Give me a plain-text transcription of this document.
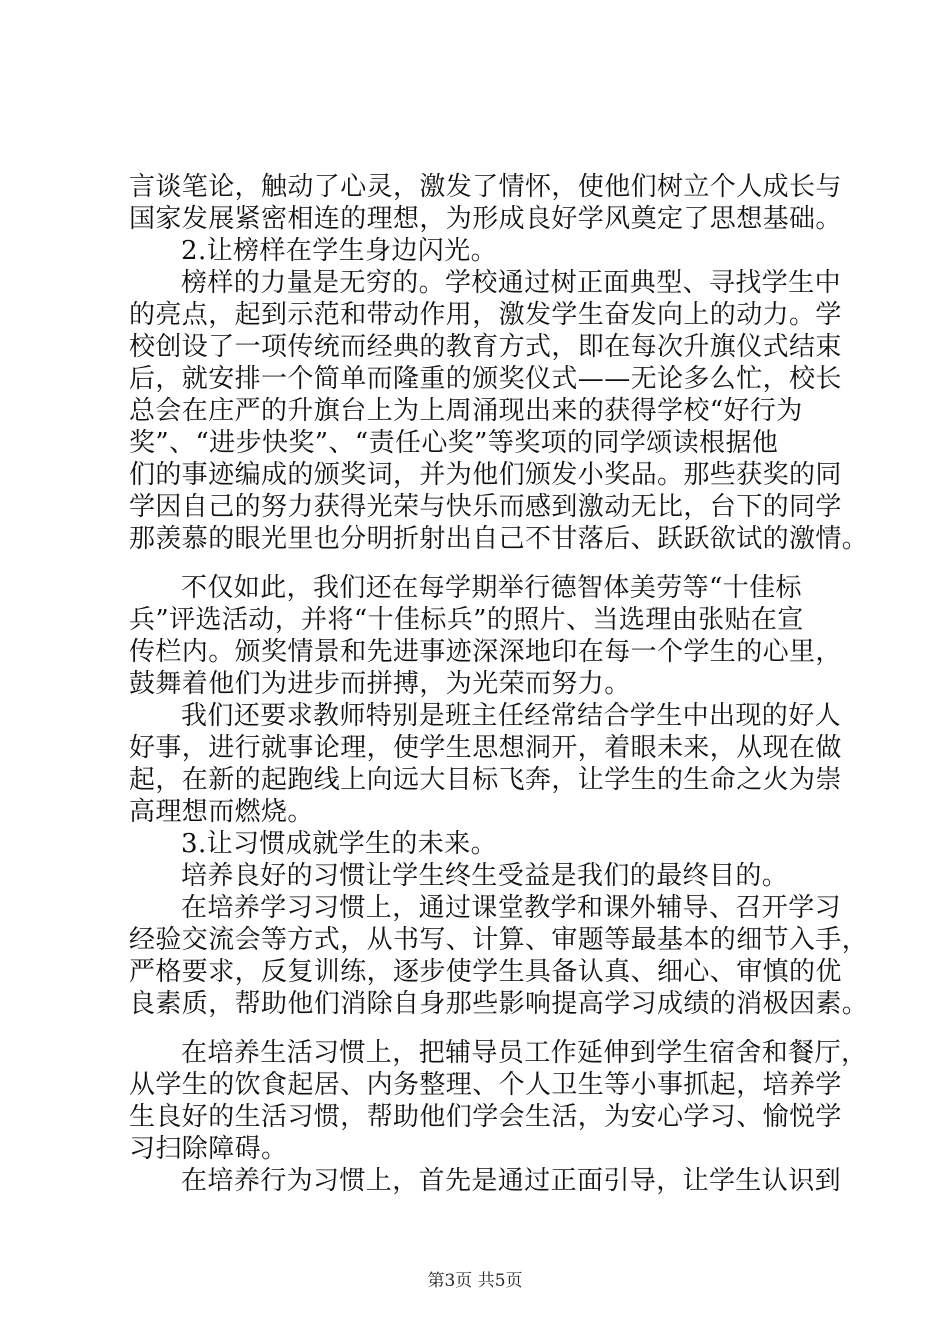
言谈笔论，触动了心灵，激发了情怀，使他们树立个人成长与
国家发展紧密相连的理想，为形成良好学风奠定了思想基础。
2.让榜样在学生身边闪光。
榜样的力量是无穷的。学校通过树正面典型、寻找学生中
的亮点，起到示范和带动作用，激发学生奋发向上的动力。学
校创设了一项传统而经典的教育方式，即在每次升旗仪式结束
后，就安排一个简单而隆重的颁奖仪式——无论多么忙，校长
总会在庄严的升旗台上为上周涌现出来的获得学校“好行为
奖”、“进步快奖”、“责任心奖”等奖项的同学颂读根据他
们的事迹编成的颁奖词，并为他们颁发小奖品。那些获奖的同
学因自己的努力获得光荣与快乐而感到激动无比，台下的同学
那羡慕的眼光里也分明折射出自己不甘落后、跃跃欲试的激情。
不仅如此，我们还在每学期举行德智体美劳等“十佳标
兵”评选活动，并将“十佳标兵”的照片、当选理由张贴在宣
传栏内。颁奖情景和先进事迹深深地印在每一个学生的心里，
鼓舞着他们为进步而拼搏，为光荣而努力。
我们还要求教师特别是班主任经常结合学生中出现的好人
好事，进行就事论理，使学生思想洞开，着眼未来，从现在做
起，在新的起跑线上向远大目标飞奔，让学生的生命之火为崇
高理想而燃烧。
3.让习惯成就学生的未来。
培养良好的习惯让学生终生受益是我们的最终目的。
在培养学习习惯上，通过课堂教学和课外辅导、召开学习
经验交流会等方式，从书写、计算、审题等最基本的细节入手，
严格要求，反复训练，逐步使学生具备认真、细心、审慎的优
良素质，帮助他们消除自身那些影响提高学习成绩的消极因素。
在培养生活习惯上，把辅导员工作延伸到学生宿舍和餐厅，
从学生的饮食起居、内务整理、个人卫生等小事抓起，培养学
生良好的生活习惯，帮助他们学会生活，为安心学习、愉悦学
习扫除障碍。
在培养行为习惯上，首先是通过正面引导，让学生认识到
第3页 共5页
